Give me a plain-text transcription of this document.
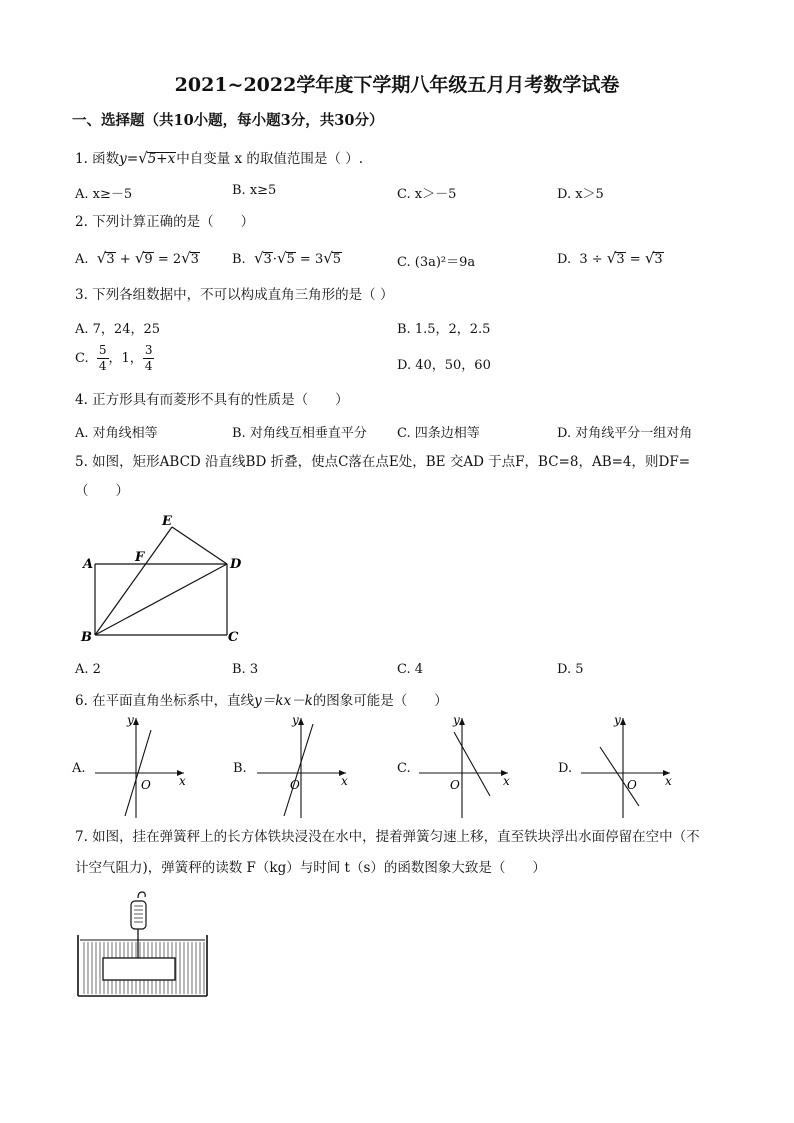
2021~2022学年度下学期八年级五月月考数学试卷
一、选择题（共10小题，每小题3分，共30分）
1. 函数y=√5+x中自变量 x 的取值范围是（ ）.
A. x≥－5	B. x≥5	C. x＞－5	D. x＞5
2. 下列计算正确的是（　　）
A. √3 + √9 = 2√3	B. √3·√5 = 3√5	C. (3a)²＝9a	D. 3 ÷ √3 = √3
3. 下列各组数据中，不可以构成直角三角形的是（ ）
A. 7，24，25	B. 1.5，2，2.5
C. $\frac{5}{4}$ ，1， $\frac{3}{4}$	D. 40，50，60
4. 正方形具有而菱形不具有的性质是（　　）
A. 对角线相等	B. 对角线互相垂直平分 C. 四条边相等	D. 对角线平分一组对角
5. 如图，矩形ABCD 沿直线BD 折叠，使点C落在点E处，BE 交AD 于点F，BC=8，AB=4，则DF=
（　　）
A
B	C
D
E
F
A. 2	B. 3	C. 4	D. 5
6. 在平面直角坐标系中，直线y＝kx－k的图象可能是（　　）
A.
y
x
O
B.
y
x
O
C.
y
x
O
D.
y
x
O
7. 如图，挂在弹簧秤上的长方体铁块浸没在水中，提着弹簧匀速上移，直至铁块浮出水面停留在空中（不
计空气阻力)，弹簧秤的读数 F（kg）与时间 t（s）的函数图象大致是（　　）
